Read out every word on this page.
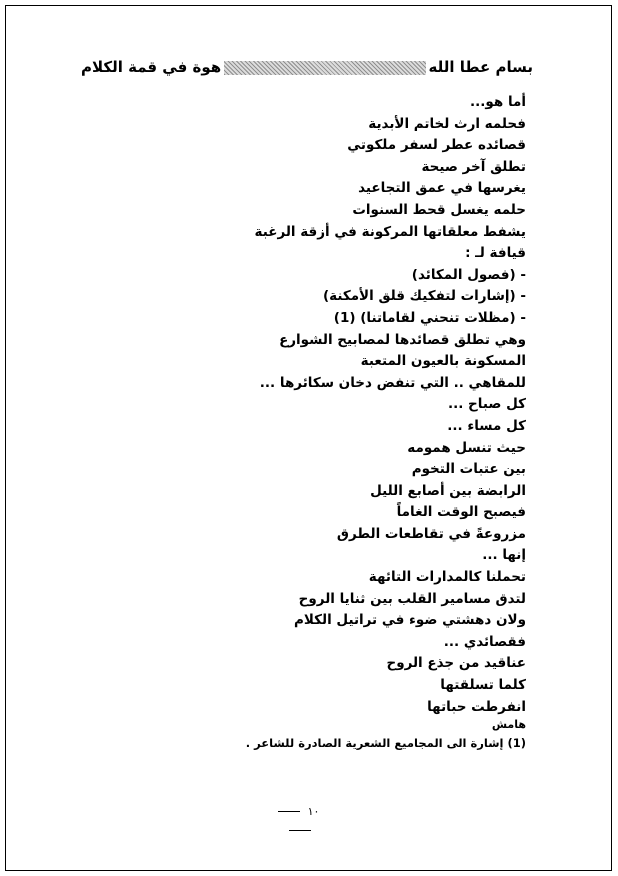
بسام عطا الله
هوة في قمة الكلام
أما هو...
فحلمه ارث لخاتم الأبدية
قصائده عطر لسفر ملكوتي
تطلق آخر صيحة
يغرسها في عمق التجاعيد
حلمه يغسل قحط السنوات
يشفط معلقاتها المركونة في أزقة الرغبة
قيافة لـ :
- (فصول المكائد)
- (إشارات لتفكيك قلق الأمكنة)
- (مظلات تنحني لقاماتنا) (1)
وهي تطلق قصائدها لمصابيح الشوارع
المسكونة بالعيون المتعبة
للمقاهي .. التي تنفض دخان سكائرها ...
كل صباح ...
كل مساء ...
حيث تنسل همومه
بين عتبات التخوم
الرابضة بين أصابع الليل
فيصبح الوقت الغاماً
مزروعةً في تقاطعات الطرق
إنها ...
تحملنا كالمدارات التائهة
لتدق مسامير القلب بين ثنايا الروح
ولان دهشتي ضوء في تراتيل الكلام
فقصائدي ...
عناقيد من جذع الروح
كلما تسلقتها
انفرطت حباتها
هامش
(1) إشارة الى المجاميع الشعرية الصادرة للشاعر .
١٠
